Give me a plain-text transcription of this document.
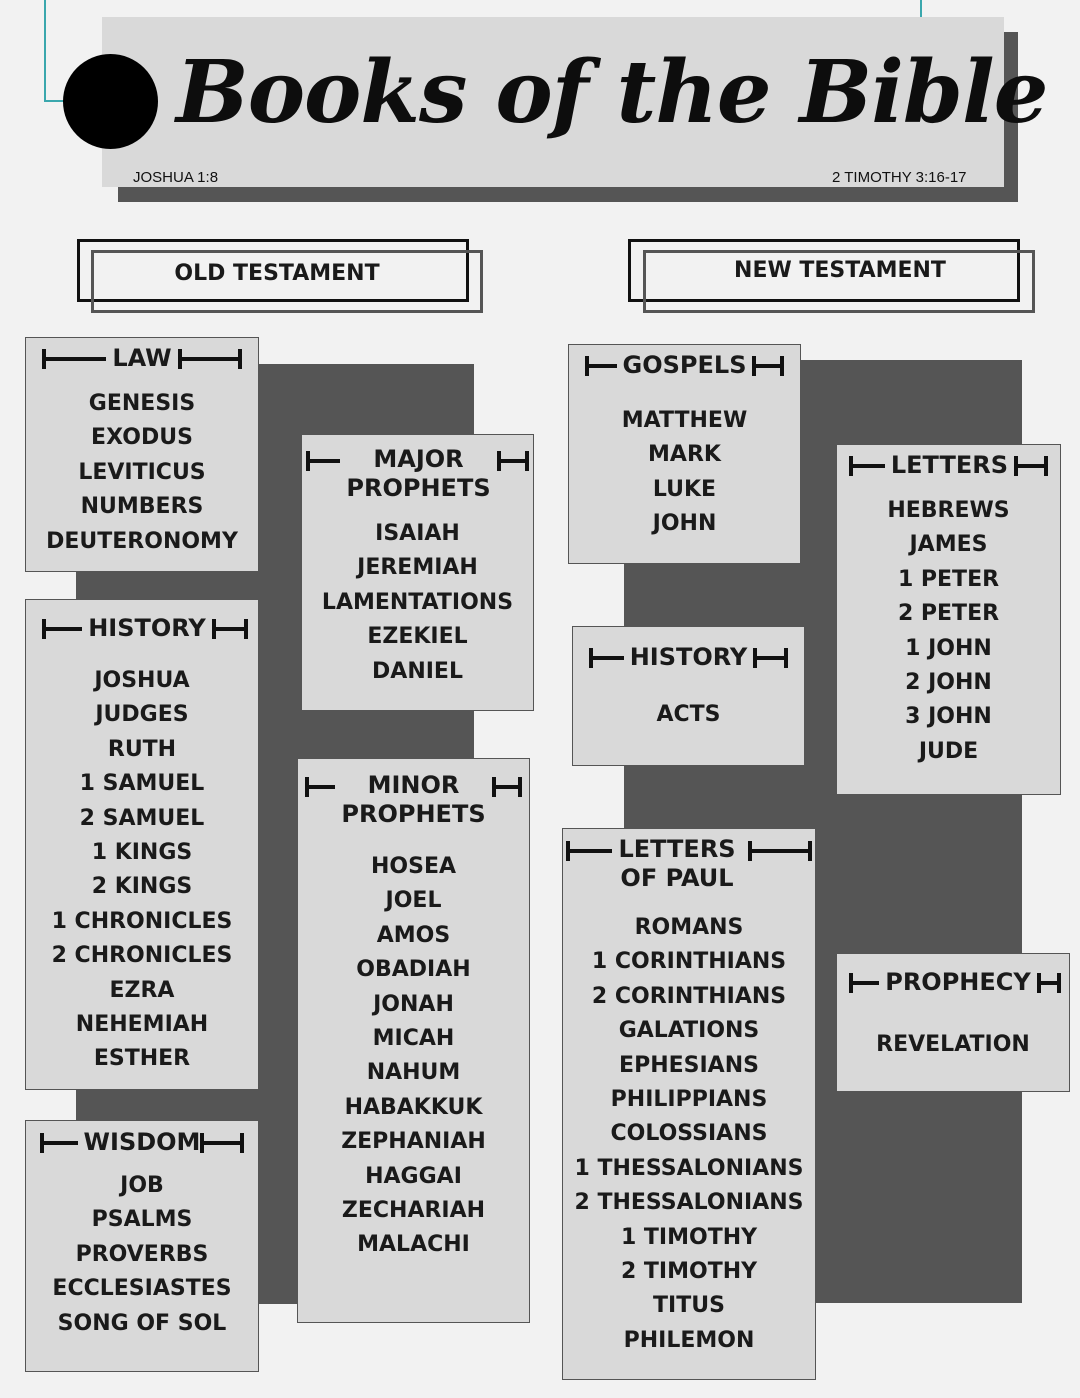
Books of the Bible
JOSHUA 1:8	2 TIMOTHY 3:16-17
OLD TESTAMENT	NEW TESTAMENT
LAW
GENESIS
EXODUS
LEVITICUS
NUMBERS
DEUTERONOMY
HISTORY
JOSHUA
JUDGES
RUTH
1 SAMUEL
2 SAMUEL
1 KINGS
2 KINGS
1 CHRONICLES
2 CHRONICLES
EZRA
NEHEMIAH
ESTHER
WISDOM
JOB
PSALMS
PROVERBS
ECCLESIASTES
SONG OF SOL
MAJOR
PROPHETS
ISAIAH
JEREMIAH
LAMENTATIONS
EZEKIEL
DANIEL
MINOR
PROPHETS
HOSEA
JOEL
AMOS
OBADIAH
JONAH
MICAH
NAHUM
HABAKKUK
ZEPHANIAH
HAGGAI
ZECHARIAH
MALACHI
GOSPELS
MATTHEW
MARK
LUKE
JOHN
HISTORY
ACTS
LETTERS
OF PAUL
ROMANS
1 CORINTHIANS
2 CORINTHIANS
GALATIONS
EPHESIANS
PHILIPPIANS
COLOSSIANS
1 THESSALONIANS
2 THESSALONIANS
1 TIMOTHY
2 TIMOTHY
TITUS
PHILEMON
LETTERS
HEBREWS
JAMES
1 PETER
2 PETER
1 JOHN
2 JOHN
3 JOHN
JUDE
PROPHECY
REVELATION
